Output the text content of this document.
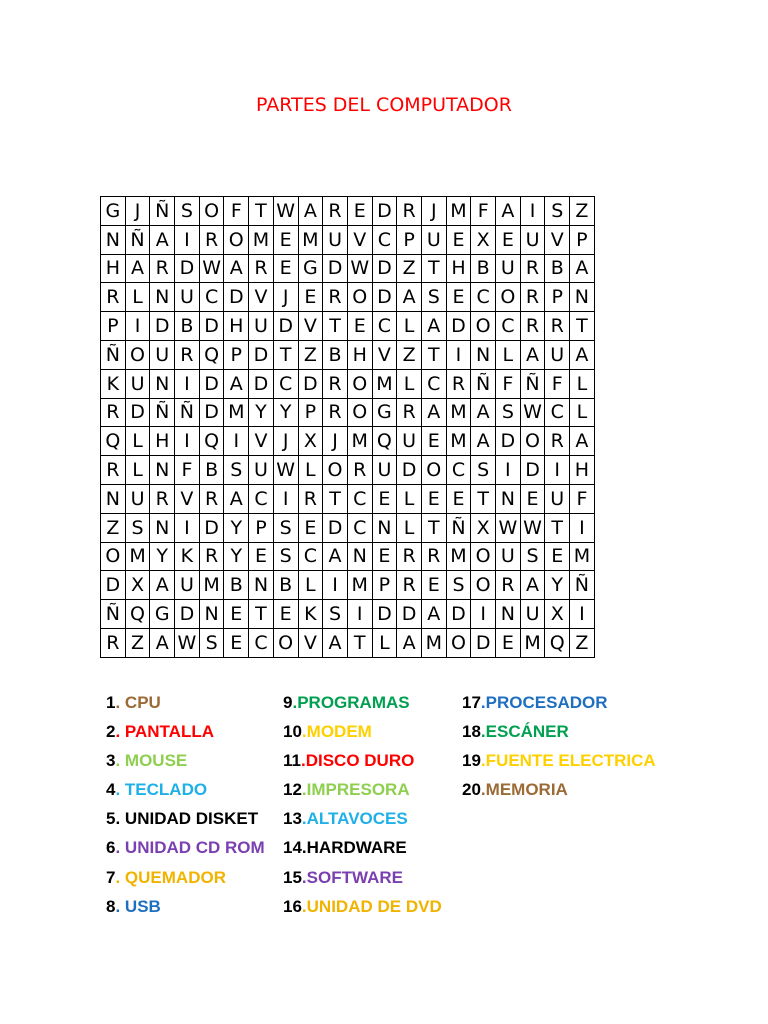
PARTES DEL COMPUTADOR
G	J	Ñ	S	O	F	T	W	A	R	E	D	R	J	M	F	A	I	S	Z
N	Ñ	A	I	R	O	M	E	M	U	V	C	P	U	E	X	E	U	V	P
H	A	R	D	W	A	R	E	G	D	W	D	Z	T	H	B	U	R	B	A
R	L	N	U	C	D	V	J	E	R	O	D	A	S	E	C	O	R	P	N
P	I	D	B	D	H	U	D	V	T	E	C	L	A	D	O	C	R	R	T
Ñ	O	U	R	Q	P	D	T	Z	B	H	V	Z	T	I	N	L	A	U	A
K	U	N	I	D	A	D	C	D	R	O	M	L	C	R	Ñ	F	Ñ	F	L
R	D	Ñ	Ñ	D	M	Y	Y	P	R	O	G	R	A	M	A	S	W	C	L
Q	L	H	I	Q	I	V	J	X	J	M	Q	U	E	M	A	D	O	R	A
R	L	N	F	B	S	U	W	L	O	R	U	D	O	C	S	I	D	I	H
N	U	R	V	R	A	C	I	R	T	C	E	L	E	E	T	N	E	U	F
Z	S	N	I	D	Y	P	S	E	D	C	N	L	T	Ñ	X	W	W	T	I
O	M	Y	K	R	Y	E	S	C	A	N	E	R	R	M	O	U	S	E	M
D	X	A	U	M	B	N	B	L	I	M	P	R	E	S	O	R	A	Y	Ñ
Ñ	Q	G	D	N	E	T	E	K	S	I	D	D	A	D	I	N	U	X	I
R	Z	A	W	S	E	C	O	V	A	T	L	A	M	O	D	E	M	Q	Z
1. CPU
2. PANTALLA
3. MOUSE
4. TECLADO
5. UNIDAD DISKET
6. UNIDAD CD ROM
7. QUEMADOR
8. USB
9.PROGRAMAS
10.MODEM
11.DISCO DURO
12.IMPRESORA
13.ALTAVOCES
14.HARDWARE
15.SOFTWARE
16.UNIDAD DE DVD
17.PROCESADOR
18.ESCÁNER
19.FUENTE ELECTRICA
20.MEMORIA
